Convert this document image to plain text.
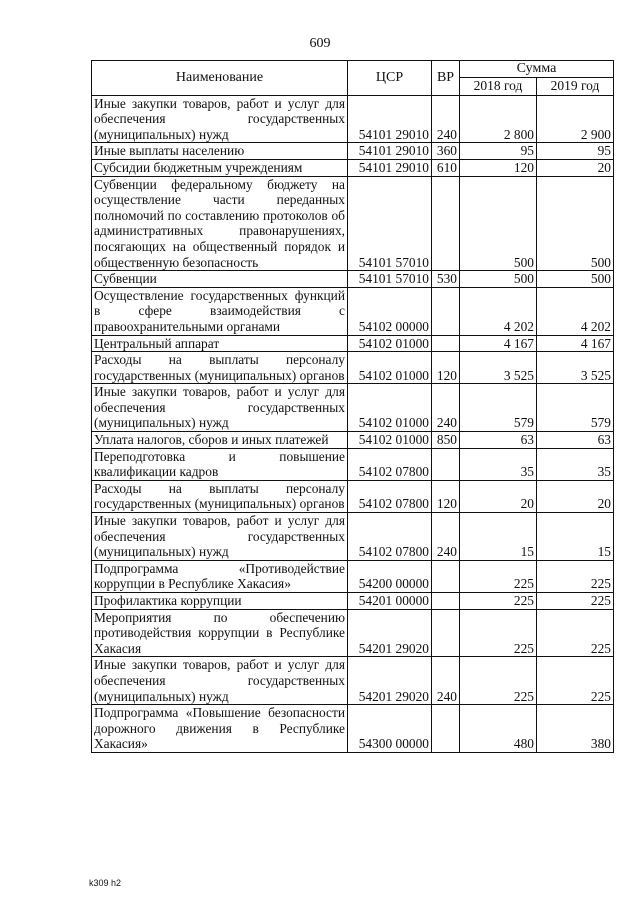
609
Наименование	ЦСР	ВР	Сумма	
			2018 год	2019 год
Иные закупки товаров, работ и услуг для обеспечения государственных (муниципальных) нужд	54101 29010	240	2 800	2 900
Иные выплаты населению	54101 29010	360	95	95
Субсидии бюджетным учреждениям	54101 29010	610	120	20
Субвенции федеральному бюджету на осуществление части переданных полномочий по составлению протоколов об административных правонарушениях, посягающих на общественный порядок и общественную безопасность	54101 57010		500	500
Субвенции	54101 57010	530	500	500
Осуществление государственных функций в сфере взаимодействия с правоохранительными органами	54102 00000		4 202	4 202
Центральный аппарат	54102 01000		4 167	4 167
Расходы на выплаты персоналу государственных (муниципальных) органов	54102 01000	120	3 525	3 525
Иные закупки товаров, работ и услуг для обеспечения государственных (муниципальных) нужд	54102 01000	240	579	579
Уплата налогов, сборов и иных платежей	54102 01000	850	63	63
Переподготовка и повышение квалификации кадров	54102 07800		35	35
Расходы на выплаты персоналу государственных (муниципальных) органов	54102 07800	120	20	20
Иные закупки товаров, работ и услуг для обеспечения государственных (муниципальных) нужд	54102 07800	240	15	15
Подпрограмма «Противодействие коррупции в Республике Хакасия»	54200 00000		225	225
Профилактика коррупции	54201 00000		225	225
Мероприятия по обеспечению противодействия коррупции в Республике Хакасия	54201 29020		225	225
Иные закупки товаров, работ и услуг для обеспечения государственных (муниципальных) нужд	54201 29020	240	225	225
Подпрограмма «Повышение безопасности дорожного движения в Республике Хакасия»	54300 00000		480	380
k309 h2
